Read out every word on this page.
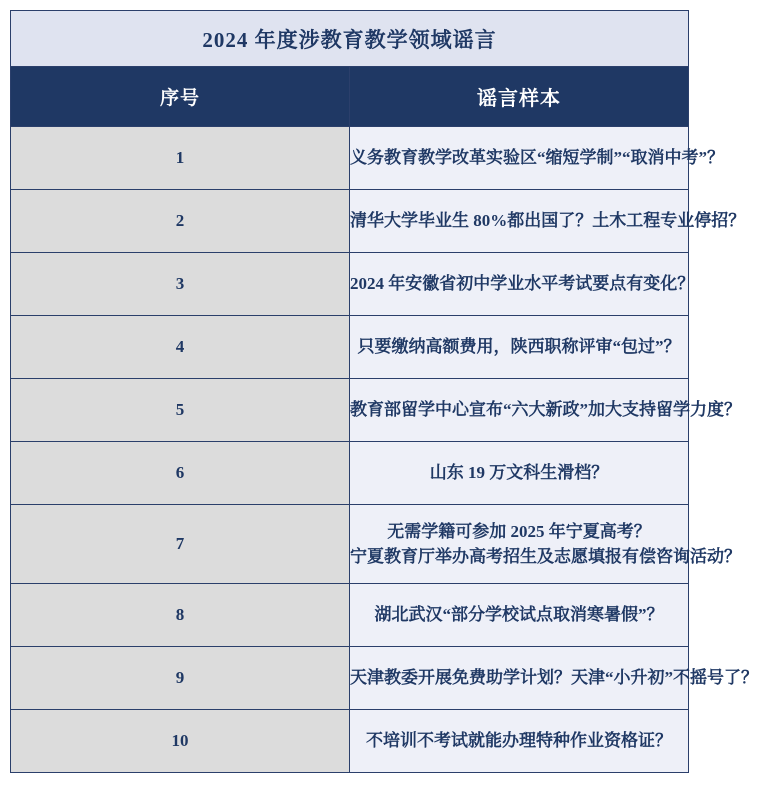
2024 年度涉教育教学领域谣言	
序号	谣言样本
1	义务教育教学改革实验区“缩短学制”“取消中考”？

2	清华大学毕业生 80%都出国了？土木工程专业停招？

3	2024 年安徽省初中学业水平考试要点有变化？

4	只要缴纳高额费用，陕西职称评审“包过”？

5	教育部留学中心宣布“六大新政”加大支持留学力度？

6	山东 19 万文科生滑档？

7	无需学籍可参加 2025 年宁夏高考？
宁夏教育厅举办高考招生及志愿填报有偿咨询活动？

8	湖北武汉“部分学校试点取消寒暑假”？

9	天津教委开展免费助学计划？天津“小升初”不摇号了？

10	不培训不考试就能办理特种作业资格证？
